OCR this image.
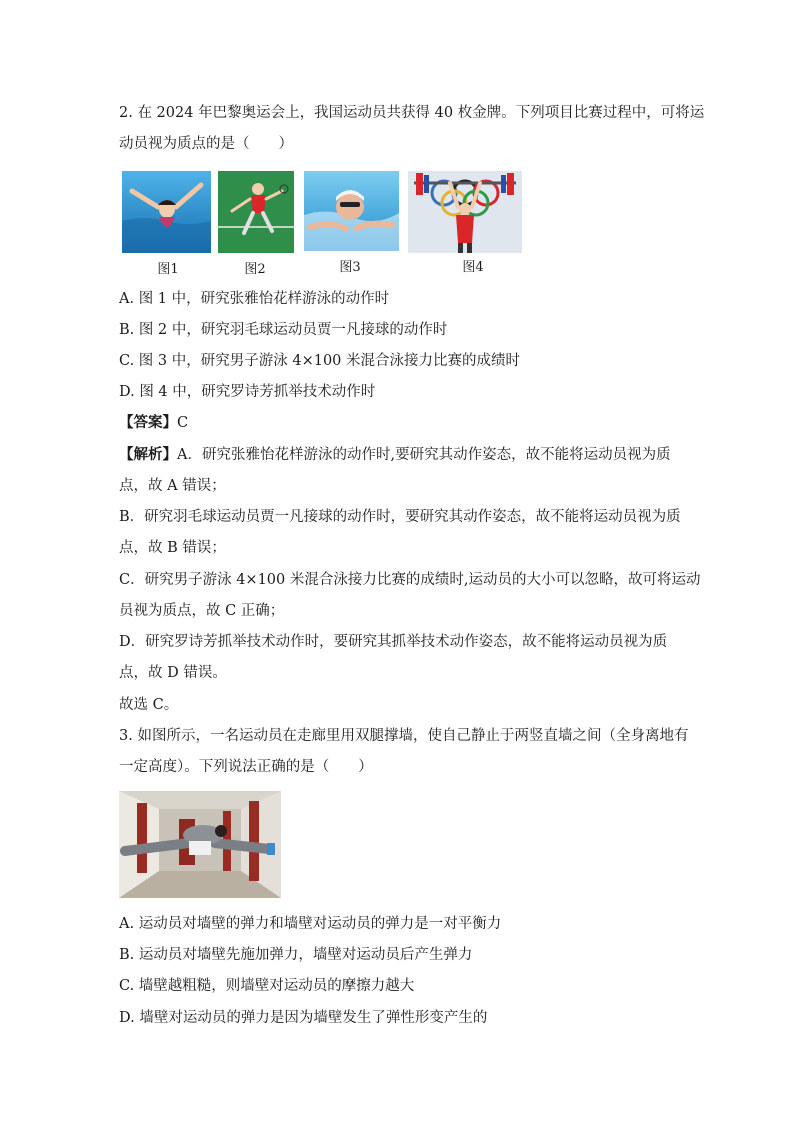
2. 在 2024 年巴黎奥运会上，我国运动员共获得 40 枚金牌。下列项目比赛过程中，可将运
动员视为质点的是（　　）
图1	图2	图3	图4
A. 图 1 中，研究张雅怡花样游泳的动作时
B. 图 2 中，研究羽毛球运动员贾一凡接球的动作时
C. 图 3 中，研究男子游泳 4×100 米混合泳接力比赛的成绩时
D. 图 4 中，研究罗诗芳抓举技术动作时
【答案】C
【解析】A．研究张雅怡花样游泳的动作时,要研究其动作姿态，故不能将运动员视为质
点，故 A 错误；
B．研究羽毛球运动员贾一凡接球的动作时，要研究其动作姿态，故不能将运动员视为质
点，故 B 错误；
C．研究男子游泳 4×100 米混合泳接力比赛的成绩时,运动员的大小可以忽略，故可将运动
员视为质点，故 C 正确；
D．研究罗诗芳抓举技术动作时，要研究其抓举技术动作姿态，故不能将运动员视为质
点，故 D 错误。
故选 C。
3. 如图所示，一名运动员在走廊里用双腿撑墙，使自己静止于两竖直墙之间（全身离地有
一定高度）。下列说法正确的是（　　）
A. 运动员对墙壁的弹力和墙壁对运动员的弹力是一对平衡力
B. 运动员对墙壁先施加弹力，墙壁对运动员后产生弹力
C. 墙壁越粗糙，则墙壁对运动员的摩擦力越大
D. 墙壁对运动员的弹力是因为墙壁发生了弹性形变产生的
